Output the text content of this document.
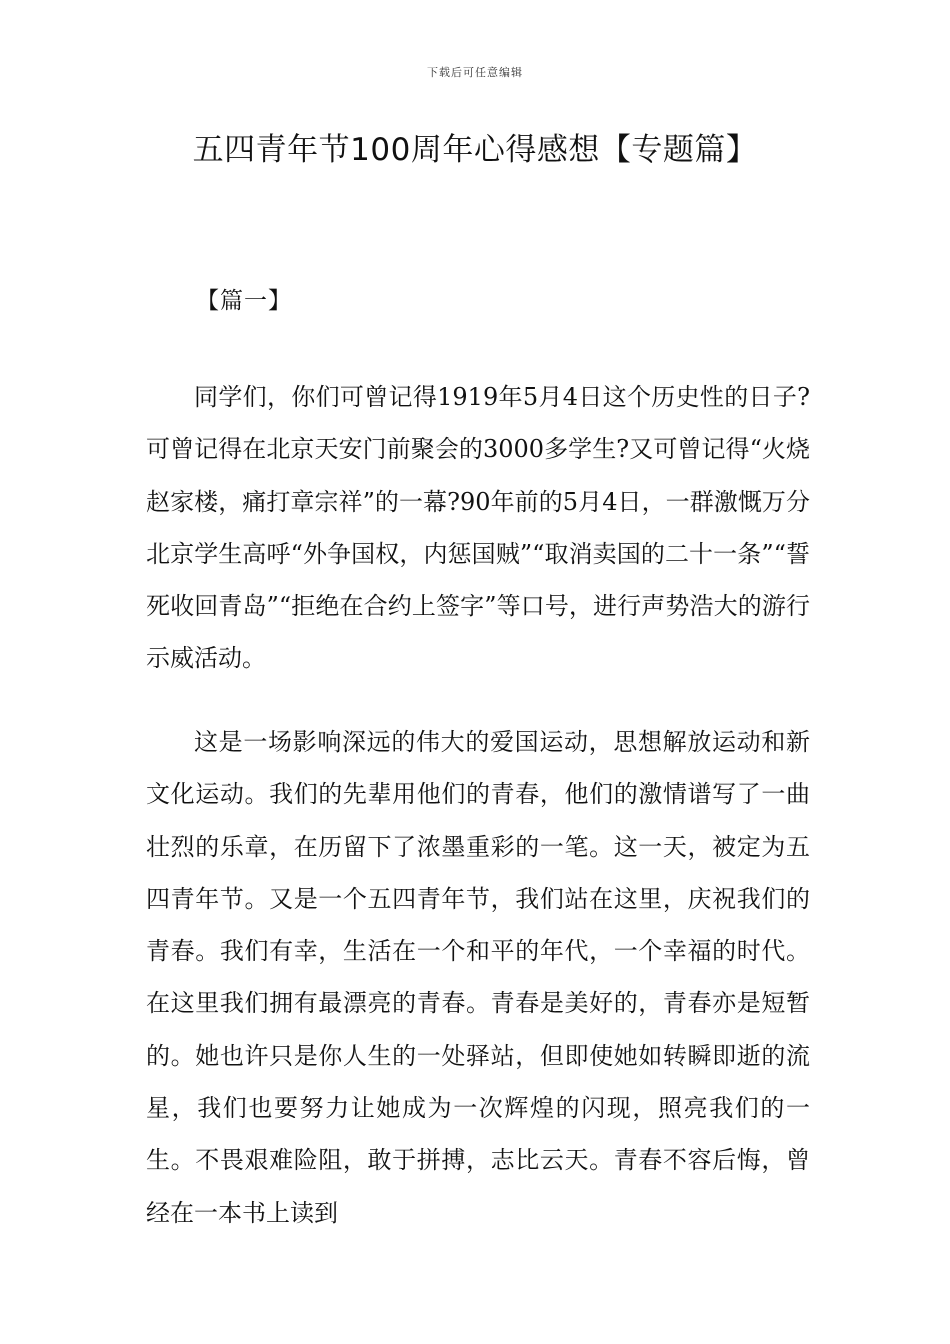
下载后可任意编辑
五四青年节100周年心得感想【专题篇】
【篇一】

同学们，你们可曾记得1919年5月4日这个历史性的日子?可曾记得在北京天安门前聚会的3000多学生?又可曾记得“火烧赵家楼，痛打章宗祥”的一幕?90年前的5月4日，一群激慨万分北京学生高呼“外争国权，内惩国贼”“取消卖国的二十一条”“誓死收回青岛”“拒绝在合约上签字”等口号，进行声势浩大的游行示威活动。

这是一场影响深远的伟大的爱国运动，思想解放运动和新文化运动。我们的先辈用他们的青春，他们的激情谱写了一曲壮烈的乐章，在历留下了浓墨重彩的一笔。这一天，被定为五四青年节。又是一个五四青年节，我们站在这里，庆祝我们的青春。我们有幸，生活在一个和平的年代，一个幸福的时代。在这里我们拥有最漂亮的青春。青春是美好的，青春亦是短暂的。她也许只是你人生的一处驿站，但即使她如转瞬即逝的流星，我们也要努力让她成为一次辉煌的闪现，照亮我们的一生。不畏艰难险阻，敢于拼搏，志比云天。青春不容后悔，曾经在一本书上读到
